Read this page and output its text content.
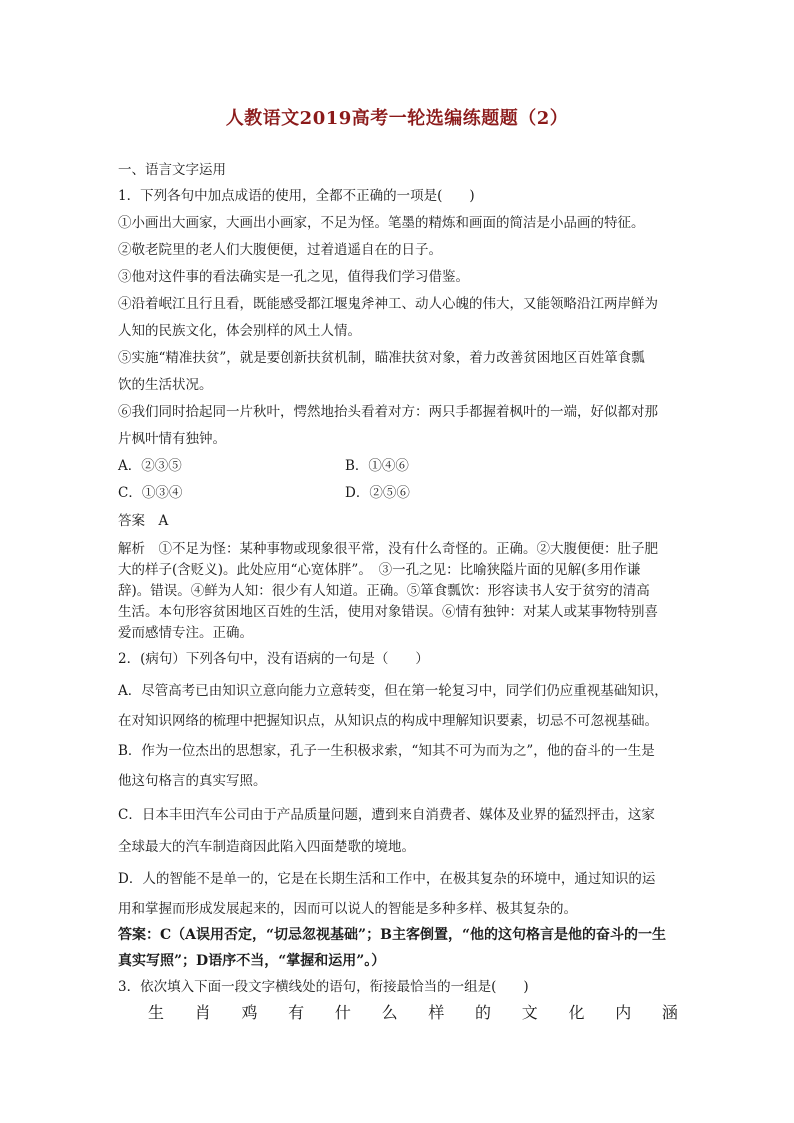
人教语文2019高考一轮选编练题题（2）
一、语言文字运用
1．下列各句中加点成语的使用，全都不正确的一项是(　　)
①小画出大画家，大画出小画家，不足为怪。笔墨的精炼和画面的简洁是小品画的特征。
②敬老院里的老人们大腹便便，过着逍遥自在的日子。
③他对这件事的看法确实是一孔之见，值得我们学习借鉴。
④沿着岷江且行且看，既能感受都江堰鬼斧神工、动人心魄的伟大，又能领略沿江两岸鲜为
人知的民族文化，体会别样的风土人情。
⑤实施“精准扶贫”，就是要创新扶贫机制，瞄准扶贫对象，着力改善贫困地区百姓箪食瓢
饮的生活状况。
⑥我们同时拾起同一片秋叶，愕然地抬头看着对方：两只手都握着枫叶的一端，好似都对那
片枫叶情有独钟。
A．②③⑤	B．①④⑥
C．①③④	D．②⑤⑥
答案　A
解析　①不足为怪：某种事物或现象很平常，没有什么奇怪的。正确。②大腹便便：肚子肥
大的样子(含贬义)。此处应用“心宽体胖”。　③一孔之见：比喻狭隘片面的见解(多用作谦
辞)。错误。④鲜为人知：很少有人知道。正确。⑤箪食瓢饮：形容读书人安于贫穷的清高
生活。本句形容贫困地区百姓的生活，使用对象错误。⑥情有独钟：对某人或某事物特别喜
爱而感情专注。正确。
2．(病句）下列各句中，没有语病的一句是（　　）
A．尽管高考已由知识立意向能力立意转变，但在第一轮复习中，同学们仍应重视基础知识，
在对知识网络的梳理中把握知识点，从知识点的构成中理解知识要素，切忌不可忽视基础。
B．作为一位杰出的思想家，孔子一生积极求索，“知其不可为而为之”，他的奋斗的一生是
他这句格言的真实写照。
C．日本丰田汽车公司由于产品质量问题，遭到来自消费者、媒体及业界的猛烈抨击，这家
全球最大的汽车制造商因此陷入四面楚歌的境地。
D．人的智能不是单一的，它是在长期生活和工作中，在极其复杂的环境中，通过知识的运
用和掌握而形成发展起来的，因而可以说人的智能是多种多样、极其复杂的。
答案：C（A误用否定，“切忌忽视基础”；B主客倒置，“他的这句格言是他的奋斗的一生
真实写照”；D语序不当，“掌握和运用”。）
3．依次填入下面一段文字横线处的语句，衔接最恰当的一组是(　　)
生 肖 鸡 有 什 么 样 的 文 化 内 涵
